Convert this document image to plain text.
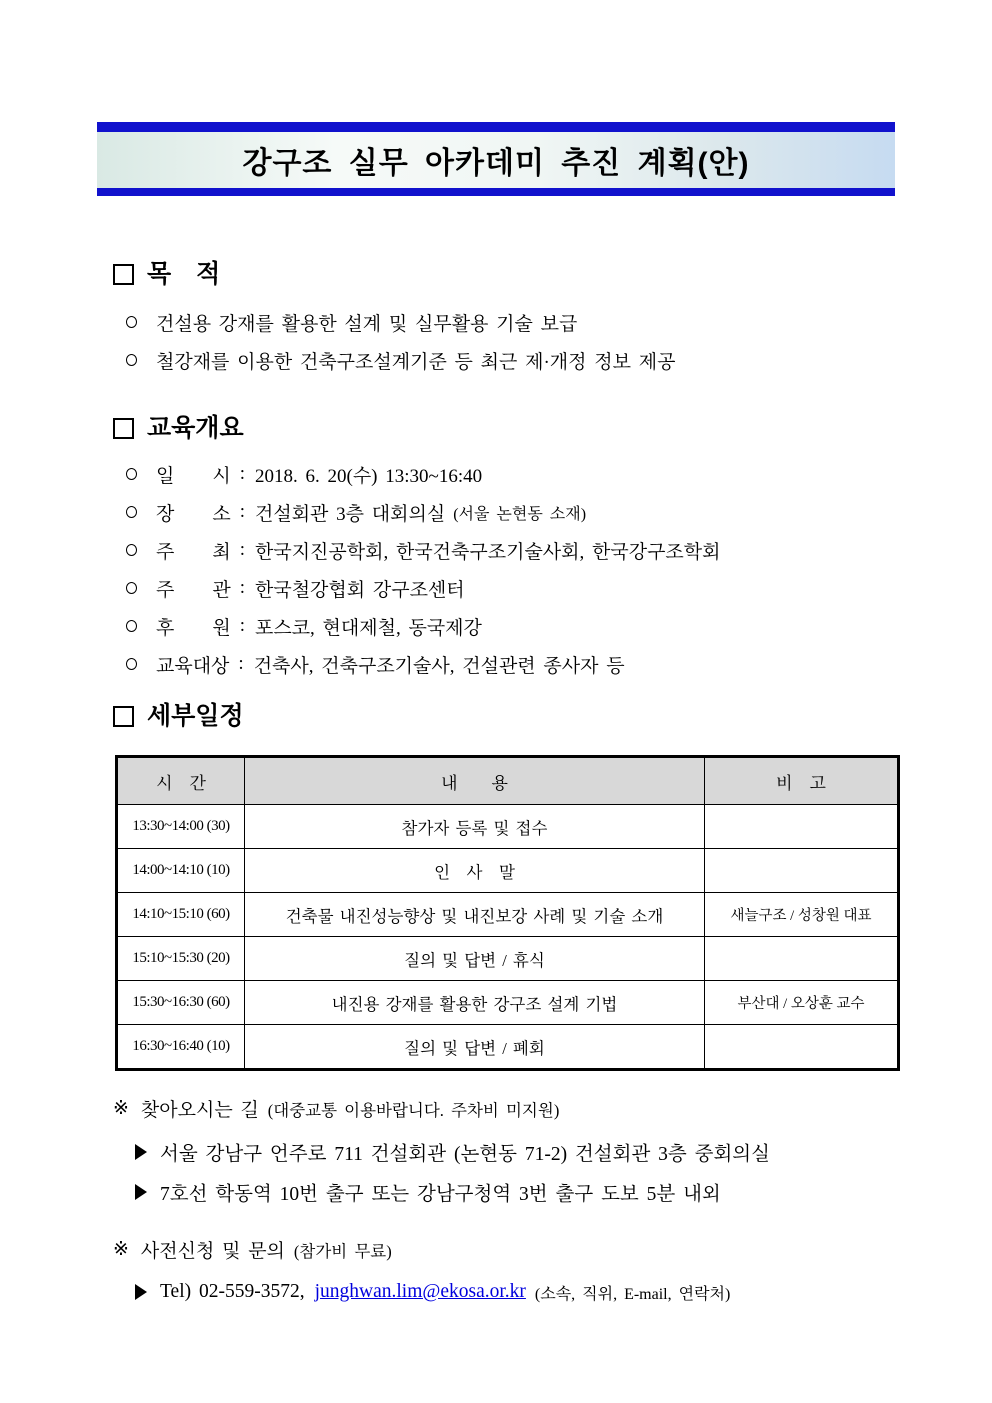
강구조 실무 아카데미 추진 계획(안)
목　적
건설용 강재를 활용한 설계 및 실무활용 기술 보급
철강재를 이용한 건축구조설계기준 등 최근 제·개정 정보 제공
교육개요
일　　시 : 2018. 6. 20(수) 13:30~16:40
장　　소 : 건설회관 3층 대회의실 (서울 논현동 소재)
주　　최 : 한국지진공학회, 한국건축구조기술사회, 한국강구조학회
주　　관 : 한국철강협회 강구조센터
후　　원 : 포스코, 현대제철, 동국제강
교육대상 : 건축사, 건축구조기술사, 건설관련 종사자 등
세부일정
시　간	내　　용	비　고
13:30~14:00 (30)	참가자 등록 및 접수	
14:00~14:10 (10)	인　사　말	
14:10~15:10 (60)	건축물 내진성능향상 및 내진보강 사례 및 기술 소개	새늘구조 / 성창원 대표
15:10~15:30 (20)	질의 및 답변 / 휴식	
15:30~16:30 (60)	내진용 강재를 활용한 강구조 설계 기법	부산대 / 오상훈 교수
16:30~16:40 (10)	질의 및 답변 / 폐회	
※ 찾아오시는 길 (대중교통 이용바랍니다. 주차비 미지원)
서울 강남구 언주로 711 건설회관 (논현동 71-2) 건설회관 3층 중회의실
7호선 학동역 10번 출구 또는 강남구청역 3번 출구 도보 5분 내외
※ 사전신청 및 문의 (참가비 무료)
Tel) 02-559-3572, junghwan.lim@ekosa.or.kr (소속, 직위, E-mail, 연락처)
